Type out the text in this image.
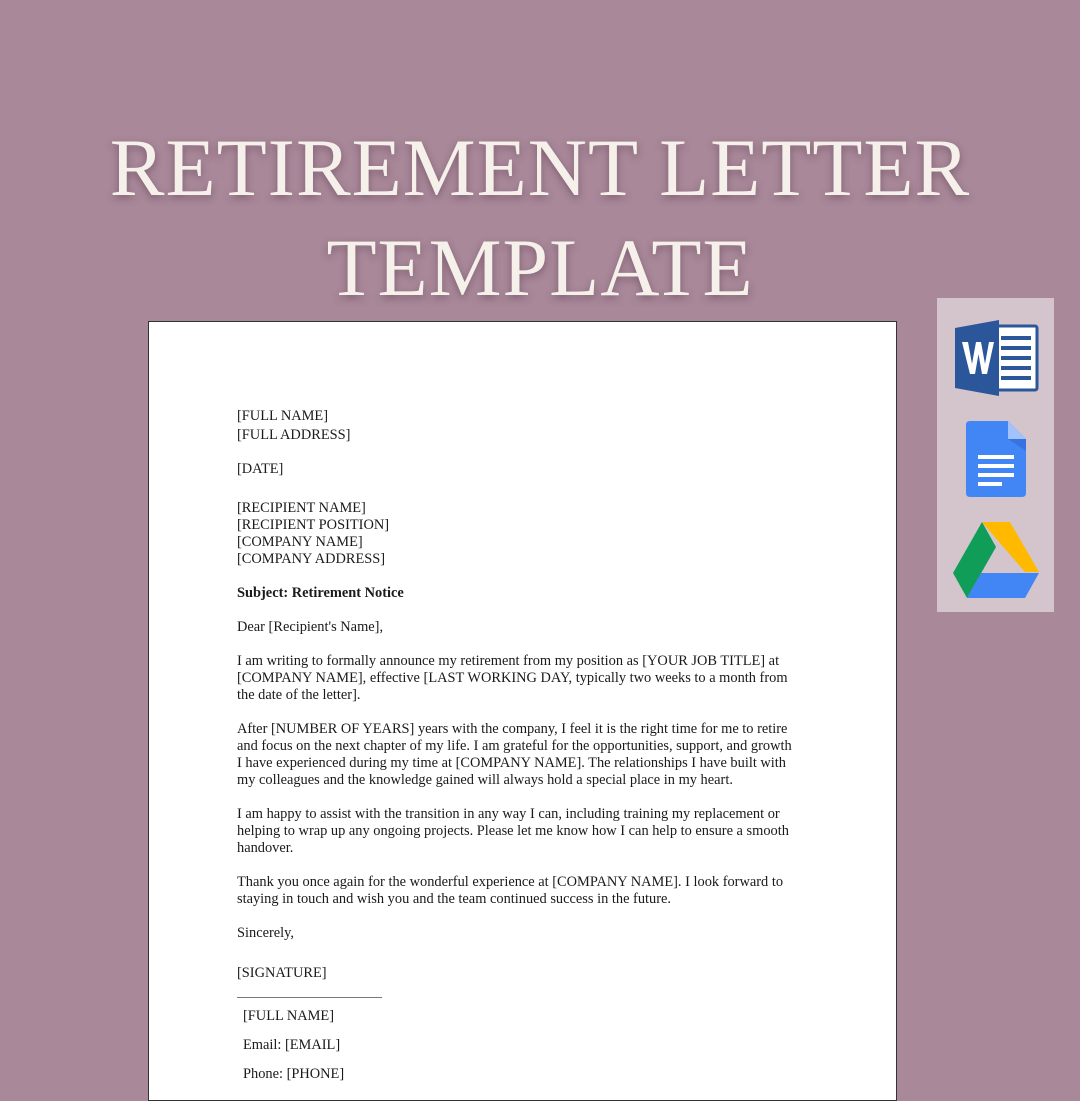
RETIREMENT LETTER
TEMPLATE

[FULL NAME]

[FULL ADDRESS]

[DATE]

[RECIPIENT NAME]

[RECIPIENT POSITION]

[COMPANY NAME]

[COMPANY ADDRESS]

Subject: Retirement Notice

Dear [Recipient's Name],

I am writing to formally announce my retirement from my position as [YOUR JOB TITLE] at

[COMPANY NAME], effective [LAST WORKING DAY, typically two weeks to a month from

the date of the letter].

After [NUMBER OF YEARS] years with the company, I feel it is the right time for me to retire

and focus on the next chapter of my life. I am grateful for the opportunities, support, and growth

I have experienced during my time at [COMPANY NAME]. The relationships I have built with

my colleagues and the knowledge gained will always hold a special place in my heart.

I am happy to assist with the transition in any way I can, including training my replacement or

helping to wrap up any ongoing projects. Please let me know how I can help to ensure a smooth

handover.

Thank you once again for the wonderful experience at [COMPANY NAME]. I look forward to

staying in touch and wish you and the team continued success in the future.

Sincerely,

[SIGNATURE]

[FULL NAME]

Email: [EMAIL]

Phone: [PHONE]
